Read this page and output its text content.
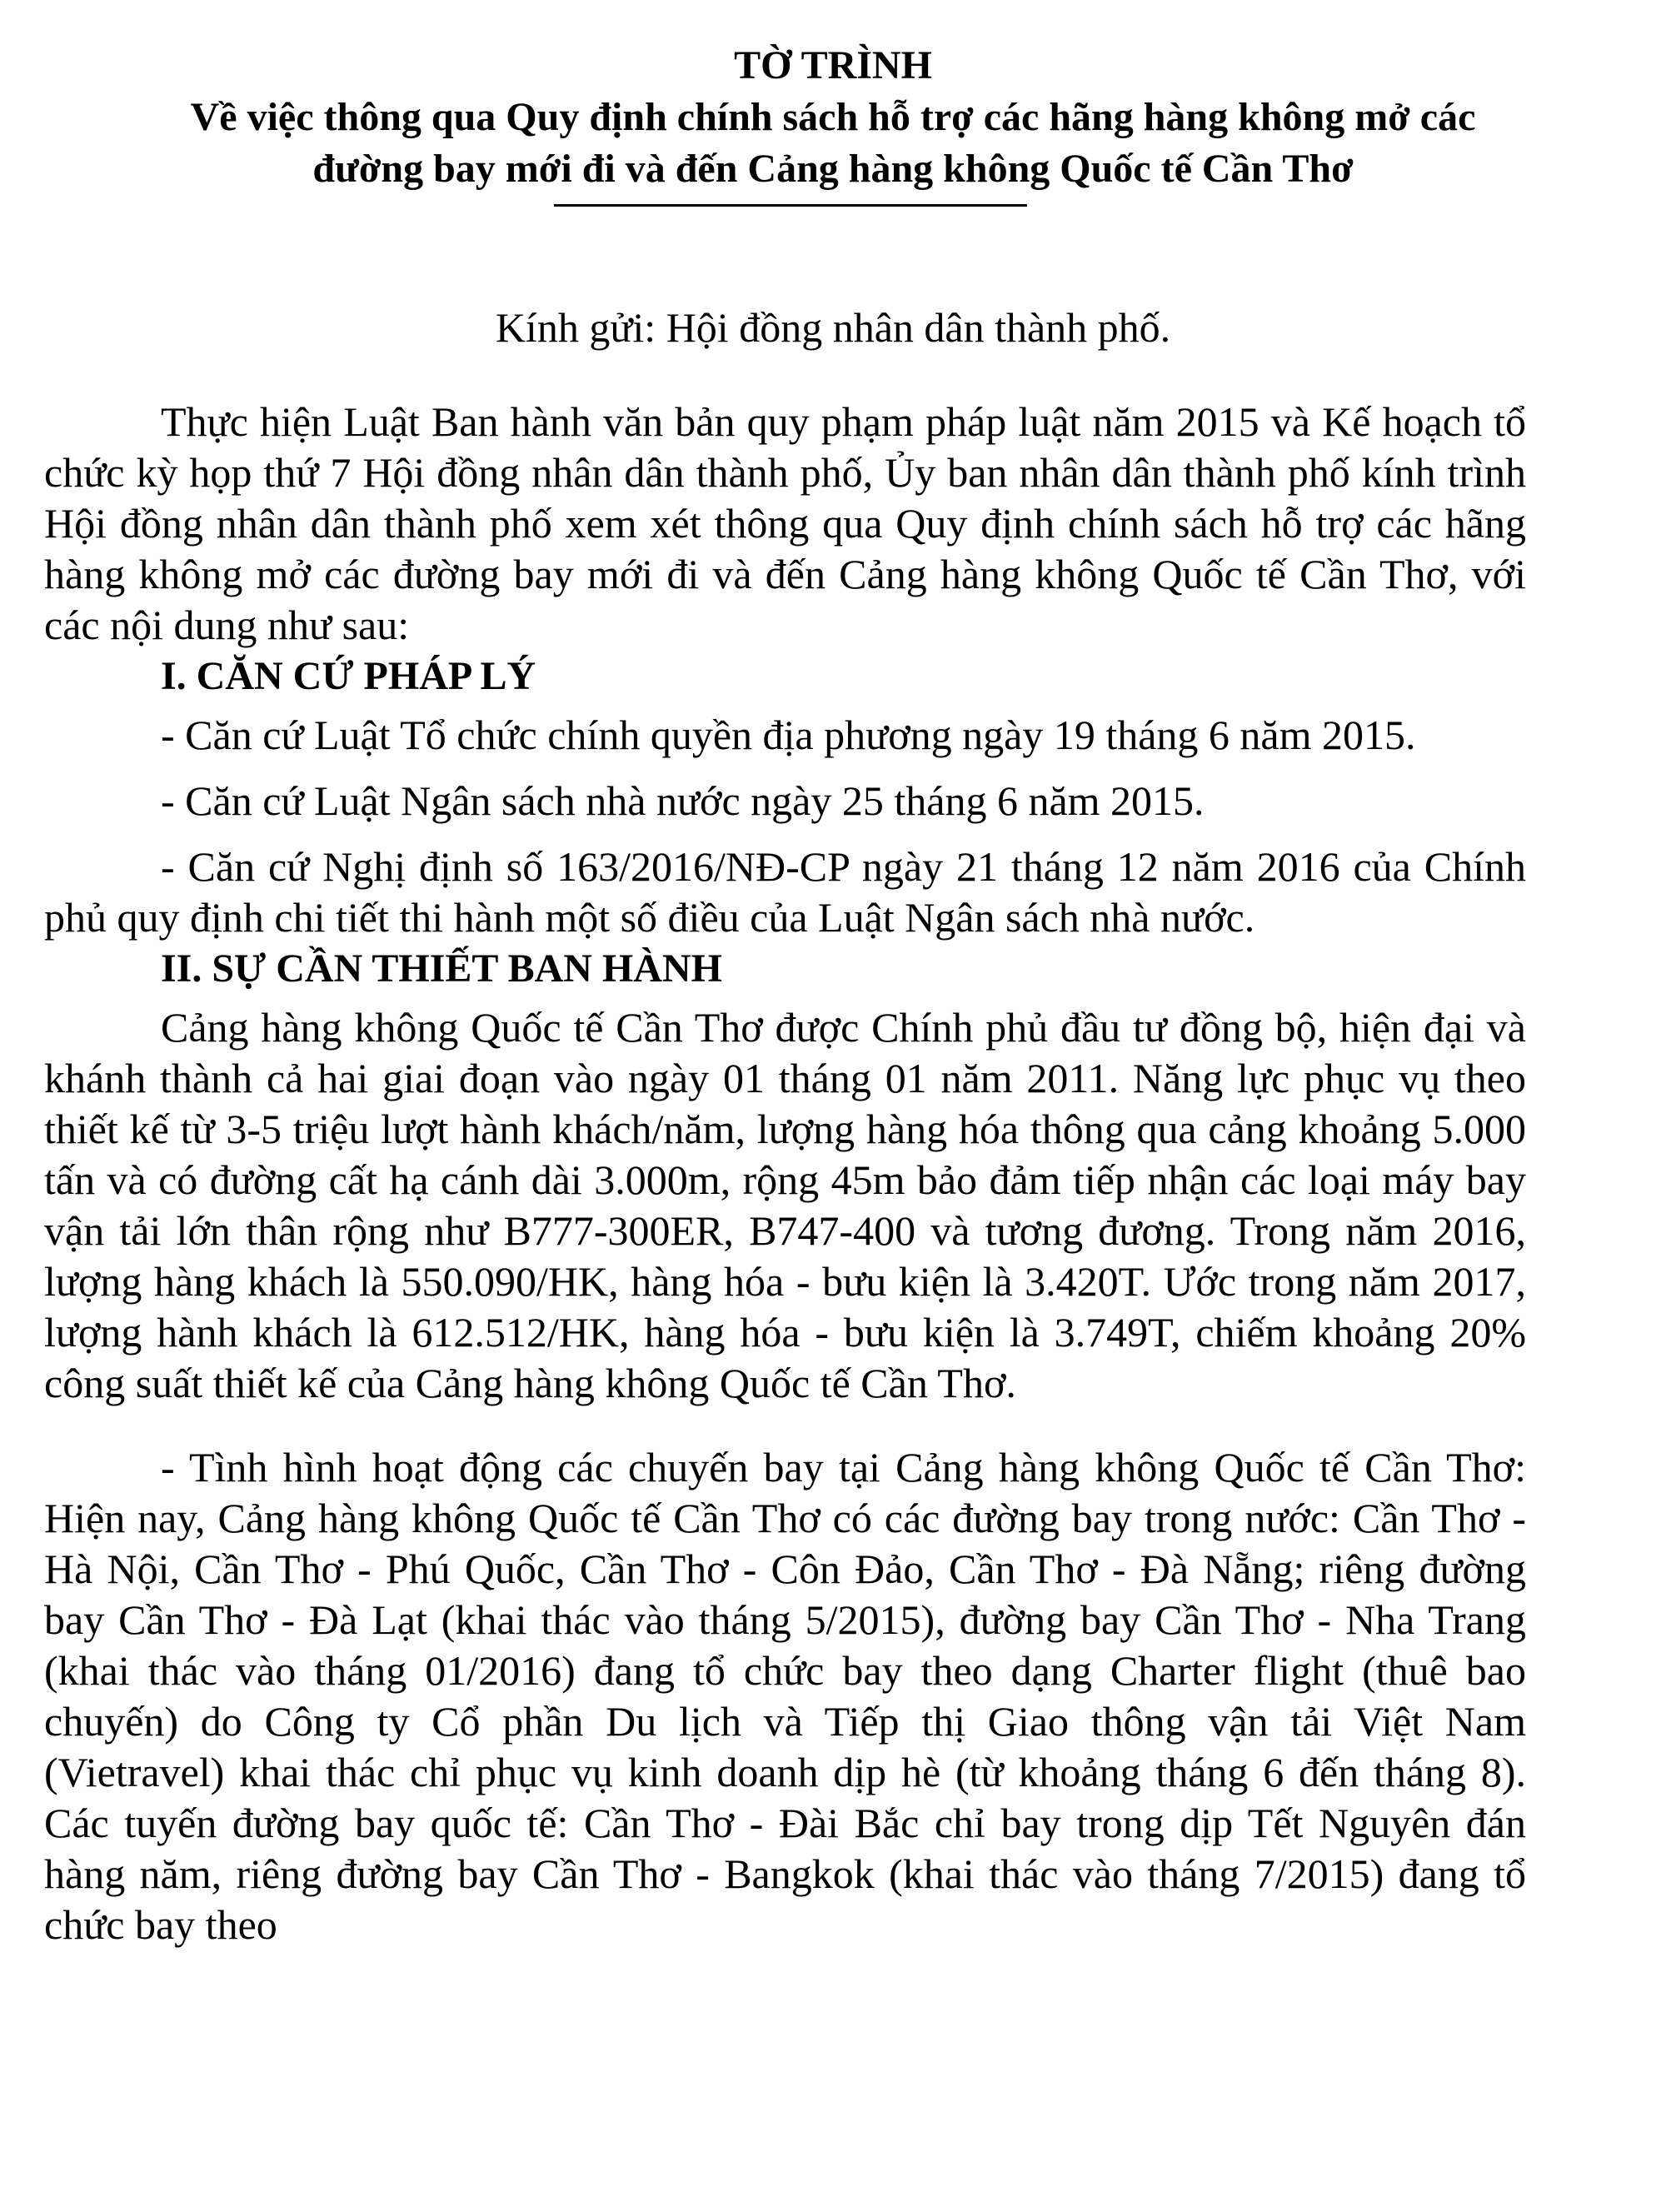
TỜ TRÌNH
Về việc thông qua Quy định chính sách hỗ trợ các hãng hàng không mở các
đường bay mới đi và đến Cảng hàng không Quốc tế Cần Thơ
Kính gửi: Hội đồng nhân dân thành phố.

Thực hiện Luật Ban hành văn bản quy phạm pháp luật năm 2015 và Kế hoạch tổ chức kỳ họp thứ 7 Hội đồng nhân dân thành phố, Ủy ban nhân dân thành phố kính trình Hội đồng nhân dân thành phố xem xét thông qua Quy định chính sách hỗ trợ các hãng hàng không mở các đường bay mới đi và đến Cảng hàng không Quốc tế Cần Thơ, với các nội dung như sau:

I. CĂN CỨ PHÁP LÝ

- Căn cứ Luật Tổ chức chính quyền địa phương ngày 19 tháng 6 năm 2015.

- Căn cứ Luật Ngân sách nhà nước ngày 25 tháng 6 năm 2015.

- Căn cứ Nghị định số 163/2016/NĐ-CP ngày 21 tháng 12 năm 2016 của Chính phủ quy định chi tiết thi hành một số điều của Luật Ngân sách nhà nước.

II. SỰ CẦN THIẾT BAN HÀNH

Cảng hàng không Quốc tế Cần Thơ được Chính phủ đầu tư đồng bộ, hiện đại và khánh thành cả hai giai đoạn vào ngày 01 tháng 01 năm 2011. Năng lực phục vụ theo thiết kế từ 3-5 triệu lượt hành khách/năm, lượng hàng hóa thông qua cảng khoảng 5.000 tấn và có đường cất hạ cánh dài 3.000m, rộng 45m bảo đảm tiếp nhận các loại máy bay vận tải lớn thân rộng như B777-300ER, B747-400 và tương đương. Trong năm 2016, lượng hàng khách là 550.090/HK, hàng hóa - bưu kiện là 3.420T. Ước trong năm 2017, lượng hành khách là 612.512/HK, hàng hóa - bưu kiện là 3.749T, chiếm khoảng 20% công suất thiết kế của Cảng hàng không Quốc tế Cần Thơ.

- Tình hình hoạt động các chuyến bay tại Cảng hàng không Quốc tế Cần Thơ: Hiện nay, Cảng hàng không Quốc tế Cần Thơ có các đường bay trong nước: Cần Thơ - Hà Nội, Cần Thơ - Phú Quốc, Cần Thơ - Côn Đảo, Cần Thơ - Đà Nẵng; riêng đường bay Cần Thơ - Đà Lạt (khai thác vào tháng 5/2015), đường bay Cần Thơ - Nha Trang (khai thác vào tháng 01/2016) đang tổ chức bay theo dạng Charter flight (thuê bao chuyến) do Công ty Cổ phần Du lịch và Tiếp thị Giao thông vận tải Việt Nam (Vietravel) khai thác chỉ phục vụ kinh doanh dịp hè (từ khoảng tháng 6 đến tháng 8). Các tuyến đường bay quốc tế: Cần Thơ - Đài Bắc chỉ bay trong dịp Tết Nguyên đán hàng năm, riêng đường bay Cần Thơ - Bangkok (khai thác vào tháng 7/2015) đang tổ chức bay theo
